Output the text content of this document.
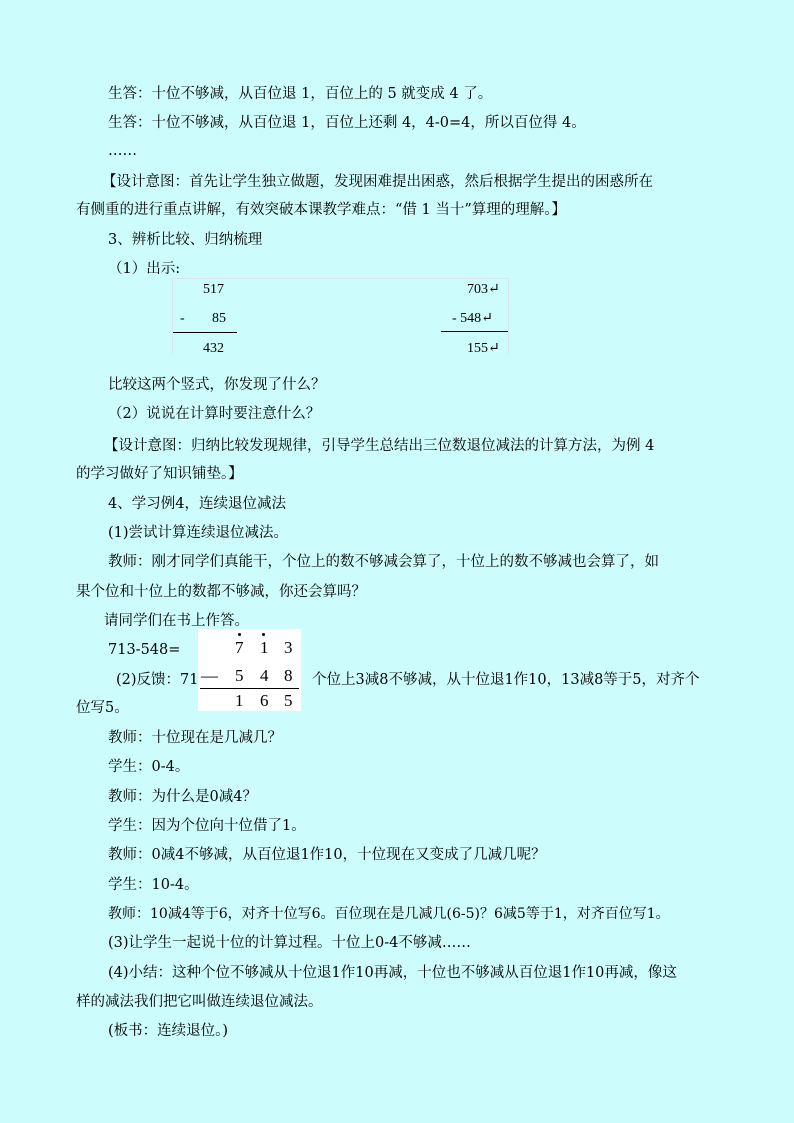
生答：十位不够减，从百位退 1，百位上的 5 就变成 4 了。
生答：十位不够减，从百位退 1，百位上还剩 4，4-0=4，所以百位得 4。
……
【设计意图：首先让学生独立做题，发现困难提出困惑，然后根据学生提出的困惑所在
有侧重的进行重点讲解，有效突破本课教学难点：“借 1 当十”算理的理解。】
3、辨析比较、归纳梳理
（1）出示:
517
- 85
432
703↵
- 548↵
155↵
比较这两个竖式，你发现了什么？
（2）说说在计算时要注意什么？
【设计意图：归纳比较发现规律，引导学生总结出三位数退位减法的计算方法，为例 4
的学习做好了知识铺垫。】
4、学习例4，连续退位减法
(1)尝试计算连续退位减法。
教师：刚才同学们真能干，个位上的数不够减会算了，十位上的数不够减也会算了，如
果个位和十位上的数都不够减，你还会算吗？
请同学们在书上作答。
713-548=
(2)反馈：71
7 1 3
— 5 4 8
1 6 5
个位上3减8不够减，从十位退1作10，13减8等于5，对齐个
位写5。
教师：十位现在是几减几？
学生：0-4。
教师：为什么是0减4？
学生：因为个位向十位借了1。
教师：0减4不够减，从百位退1作10，十位现在又变成了几减几呢？
学生：10-4。
教师：10减4等于6，对齐十位写6。百位现在是几减几(6-5)？6减5等于1，对齐百位写1。
(3)让学生一起说十位的计算过程。十位上0-4不够减……
(4)小结：这种个位不够减从十位退1作10再减，十位也不够减从百位退1作10再减，像这
样的减法我们把它叫做连续退位减法。
(板书：连续退位。)
